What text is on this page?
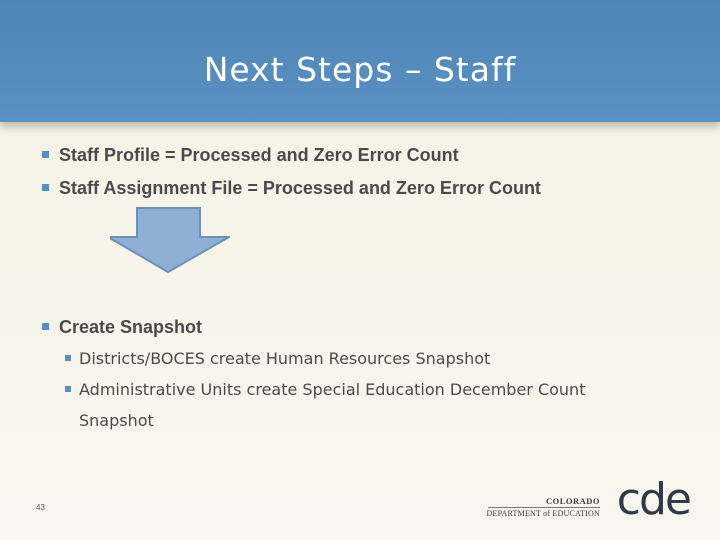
Next Steps – Staff
Staff Profile = Processed and Zero Error Count
Staff Assignment File = Processed and Zero Error Count
Create Snapshot
Districts/BOCES create Human Resources Snapshot
Administrative Units create Special Education December Count Snapshot
43
COLORADO
DEPARTMENT of EDUCATION cde
